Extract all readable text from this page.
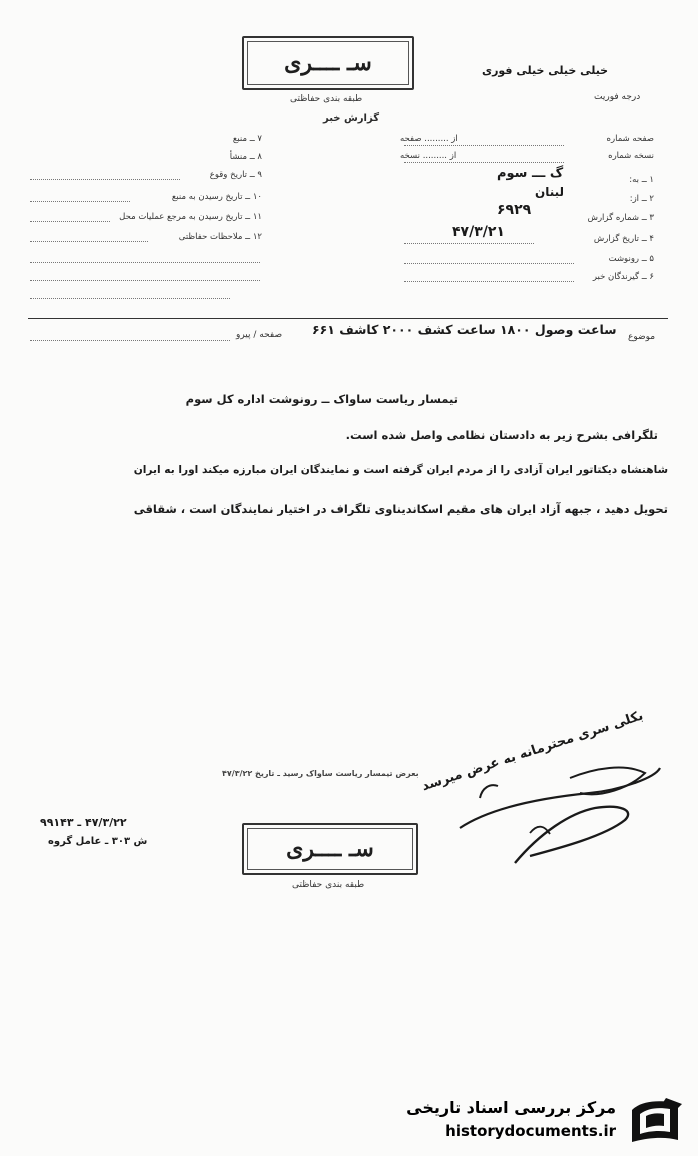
سـ ــــرى
طبقه بندی حفاظتی
خیلی خیلی خیلی فوری
درجه فوریت
گزارش خبر
صفحه شماره
از ......... صفحه
نسخه شماره
از ......... نسخه
۱ ــ به:
گ ـــ سوم
۲ ــ از:
لبنان
۳ ــ شماره گزارش
۶۹۲۹
۴ ــ تاریخ گزارش
۴۷/۳/۲۱
۵ ــ رونوشت
۶ ــ گیرندگان خبر
۷ ــ منبع
۸ ــ منشأ
۹ ــ تاریخ وقوع
۱۰ ــ تاریخ رسیدن به منبع
۱۱ ــ تاریخ رسیدن به مرجع عملیات محل
۱۲ ــ ملاحظات حفاظتی
موضوع
ساعت وصول ۱۸۰۰ ساعت کشف ۲۰۰۰ کاشف ۶۶۱
صفحه / پیرو
تیمسار ریاست ساواک ــ رونوشت اداره کل سوم
تلگرافی بشرح زیر به دادستان نظامی واصل شده است.
شاهنشاه دیکتاتور ایران آزادی را از مردم ایران گرفته است و نمایندگان ایران مبارزه میکند اورا به ایران
تحویل دهید ، جبهه آزاد ایران های مقیم اسکاندیناوی تلگراف در اختیار نمایندگان است ، شقاقی
بعرض تیمسار ریاست ساواک رسید ـ تاریخ ۴۷/۳/۲۲ بکلی سری محترمانه به عرض میرسد
۴۷/۳/۲۲ ـ ۹۹۱۴۳
ش ۳۰۳ ـ عامل گروه	سـ ــــرى
طبقه بندی حفاظتی
مرکز بررسی اسناد تاریخی
historydocuments.ir
